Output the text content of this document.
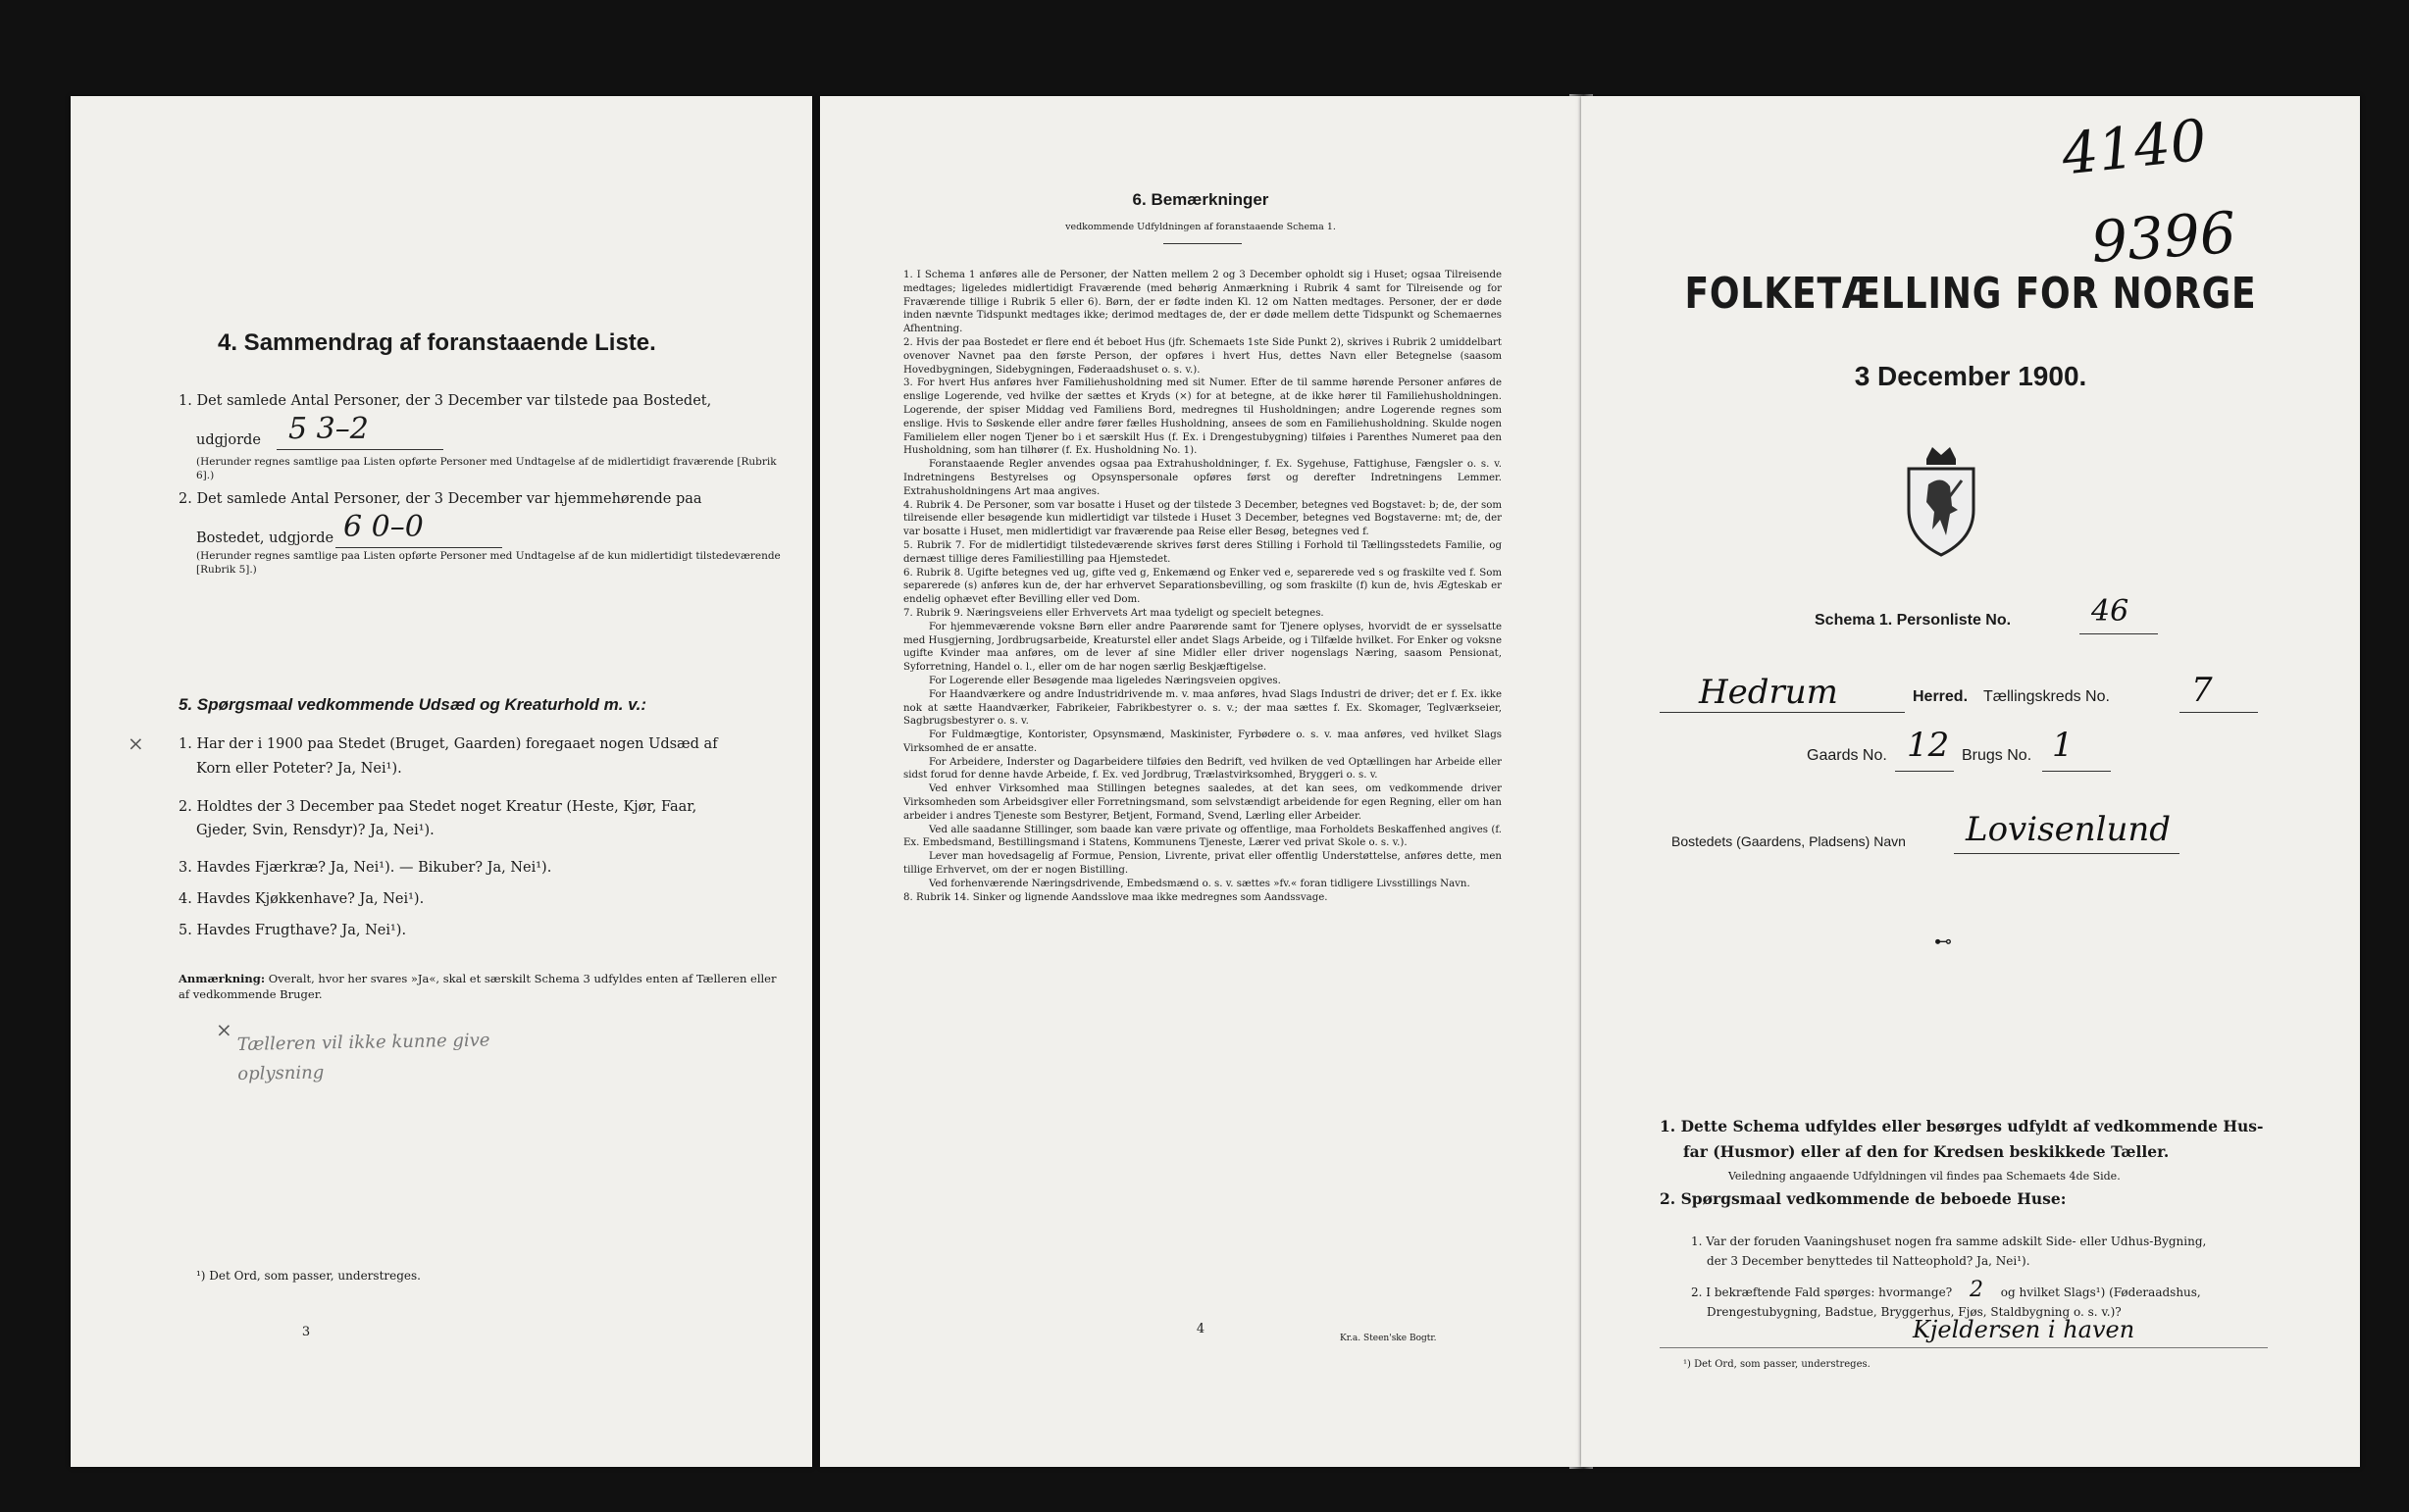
4. Sammendrag af foranstaaende Liste.
1. Det samlede Antal Personer, der 3 December var tilstede paa Bostedet,
udgjorde 5 3–2
(Herunder regnes samtlige paa Listen opførte Personer med Undtagelse af de midlertidigt fraværende [Rubrik 6].)
2. Det samlede Antal Personer, der 3 December var hjemmehørende paa
Bostedet, udgjorde 6 0–0
(Herunder regnes samtlige paa Listen opførte Personer med Undtagelse af de kun midlertidigt tilstedeværende [Rubrik 5].)
5. Spørgsmaal vedkommende Udsæd og Kreaturhold m. v.:
× 1. Har der i 1900 paa Stedet (Bruget, Gaarden) foregaaet nogen Udsæd af
Korn eller Poteter? Ja, Nei¹).
2. Holdtes der 3 December paa Stedet noget Kreatur (Heste, Kjør, Faar,
Gjeder, Svin, Rensdyr)? Ja, Nei¹).
3. Havdes Fjærkræ? Ja, Nei¹). — Bikuber? Ja, Nei¹).
4. Havdes Kjøkkenhave? Ja, Nei¹).
5. Havdes Frugthave? Ja, Nei¹).
Anmærkning: Overalt, hvor her svares »Ja«, skal et særskilt Schema 3 udfyldes enten af Tælleren eller af vedkommende Bruger.
×
Tælleren vil ikke kunne give oplysning
¹) Det Ord, som passer, understreges.
3
6. Bemærkninger
vedkommende Udfyldningen af foranstaaende Schema 1.
1. I Schema 1 anføres alle de Personer, der Natten mellem 2 og 3 December opholdt sig i Huset; ogsaa Tilreisende medtages; ligeledes midlertidigt Fraværende (med behørig Anmærkning i Rubrik 4 samt for Tilreisende og for Fraværende tillige i Rubrik 5 eller 6). Børn, der er fødte inden Kl. 12 om Natten medtages. Personer, der er døde inden nævnte Tidspunkt medtages ikke; derimod medtages de, der er døde mellem dette Tidspunkt og Schemaernes Afhentning.
2. Hvis der paa Bostedet er flere end ét beboet Hus (jfr. Schemaets 1ste Side Punkt 2), skrives i Rubrik 2 umiddelbart ovenover Navnet paa den første Person, der opføres i hvert Hus, dettes Navn eller Betegnelse (saasom Hovedbygningen, Sidebygningen, Føderaadshuset o. s. v.).
3. For hvert Hus anføres hver Familiehusholdning med sit Numer. Efter de til samme hørende Personer anføres de enslige Logerende, ved hvilke der sættes et Kryds (×) for at betegne, at de ikke hører til Familiehusholdningen. Logerende, der spiser Middag ved Familiens Bord, medregnes til Husholdningen; andre Logerende regnes som enslige. Hvis to Søskende eller andre fører fælles Husholdning, ansees de som en Familiehusholdning. Skulde nogen Familielem eller nogen Tjener bo i et særskilt Hus (f. Ex. i Drengestubygning) tilføies i Parenthes Numeret paa den Husholdning, som han tilhører (f. Ex. Husholdning No. 1).
Foranstaaende Regler anvendes ogsaa paa Extrahusholdninger, f. Ex. Sygehuse, Fattighuse, Fængsler o. s. v. Indretningens Bestyrelses og Opsynspersonale opføres først og derefter Indretningens Lemmer. Extrahusholdningens Art maa angives.
4. Rubrik 4. De Personer, som var bosatte i Huset og der tilstede 3 December, betegnes ved Bogstavet: b; de, der som tilreisende eller besøgende kun midlertidigt var tilstede i Huset 3 December, betegnes ved Bogstaverne: mt; de, der var bosatte i Huset, men midlertidigt var fraværende paa Reise eller Besøg, betegnes ved f.
5. Rubrik 7. For de midlertidigt tilstedeværende skrives først deres Stilling i Forhold til Tællingsstedets Familie, og dernæst tillige deres Familiestilling paa Hjemstedet.
6. Rubrik 8. Ugifte betegnes ved ug, gifte ved g, Enkemænd og Enker ved e, separerede ved s og fraskilte ved f. Som separerede (s) anføres kun de, der har erhvervet Separationsbevilling, og som fraskilte (f) kun de, hvis Ægteskab er endelig ophævet efter Bevilling eller ved Dom.
7. Rubrik 9. Næringsveiens eller Erhvervets Art maa tydeligt og specielt betegnes.
For hjemmeværende voksne Børn eller andre Paarørende samt for Tjenere oplyses, hvorvidt de er sysselsatte med Husgjerning, Jordbrugsarbeide, Kreaturstel eller andet Slags Arbeide, og i Tilfælde hvilket. For Enker og voksne ugifte Kvinder maa anføres, om de lever af sine Midler eller driver nogenslags Næring, saasom Pensionat, Syforretning, Handel o. l., eller om de har nogen særlig Beskjæftigelse.
For Logerende eller Besøgende maa ligeledes Næringsveien opgives.
For Haandværkere og andre Industridrivende m. v. maa anføres, hvad Slags Industri de driver; det er f. Ex. ikke nok at sætte Haandværker, Fabrikeier, Fabrikbestyrer o. s. v.; der maa sættes f. Ex. Skomager, Teglværkseier, Sagbrugsbestyrer o. s. v.
For Fuldmægtige, Kontorister, Opsynsmænd, Maskinister, Fyrbødere o. s. v. maa anføres, ved hvilket Slags Virksomhed de er ansatte.
For Arbeidere, Inderster og Dagarbeidere tilføies den Bedrift, ved hvilken de ved Optællingen har Arbeide eller sidst forud for denne havde Arbeide, f. Ex. ved Jordbrug, Trælastvirksomhed, Bryggeri o. s. v.
Ved enhver Virksomhed maa Stillingen betegnes saaledes, at det kan sees, om vedkommende driver Virksomheden som Arbeidsgiver eller Forretningsmand, som selvstændigt arbeidende for egen Regning, eller om han arbeider i andres Tjeneste som Bestyrer, Betjent, Formand, Svend, Lærling eller Arbeider.
Ved alle saadanne Stillinger, som baade kan være private og offentlige, maa Forholdets Beskaffenhed angives (f. Ex. Embedsmand, Bestillingsmand i Statens, Kommunens Tjeneste, Lærer ved privat Skole o. s. v.).
Lever man hovedsagelig af Formue, Pension, Livrente, privat eller offentlig Understøttelse, anføres dette, men tillige Erhvervet, om der er nogen Bistilling.
Ved forhenværende Næringsdrivende, Embedsmænd o. s. v. sættes »fv.« foran tidligere Livsstillings Navn.
8. Rubrik 14. Sinker og lignende Aandsslove maa ikke medregnes som Aandssvage.
4
Kr.a. Steen'ske Bogtr.
4140
9396
FOLKETÆLLING FOR NORGE
3 December 1900.
Schema 1. Personliste No.	46
Hedrum	Herred. Tællingskreds No. 7
Gaards No. 12 Brugs No. 1
Bostedets (Gaardens, Pladsens) Navn Lovisenlund
⊷
1. Dette Schema udfyldes eller besørges udfyldt af vedkommende Hus-
far (Husmor) eller af den for Kredsen beskikkede Tæller.
Veiledning angaaende Udfyldningen vil findes paa Schemaets 4de Side.
2. Spørgsmaal vedkommende de beboede Huse:
1. Var der foruden Vaaningshuset nogen fra samme adskilt Side- eller Udhus-Bygning,
der 3 December benyttedes til Natteophold? Ja, Nei¹).
2. I bekræftende Fald spørges: hvormange? 2 og hvilket Slags¹) (Føderaadshus,
Drengestubygning, Badstue, Bryggerhus, Fjøs, Staldbygning o. s. v.)?
Kjeldersen i haven
¹) Det Ord, som passer, understreges.
